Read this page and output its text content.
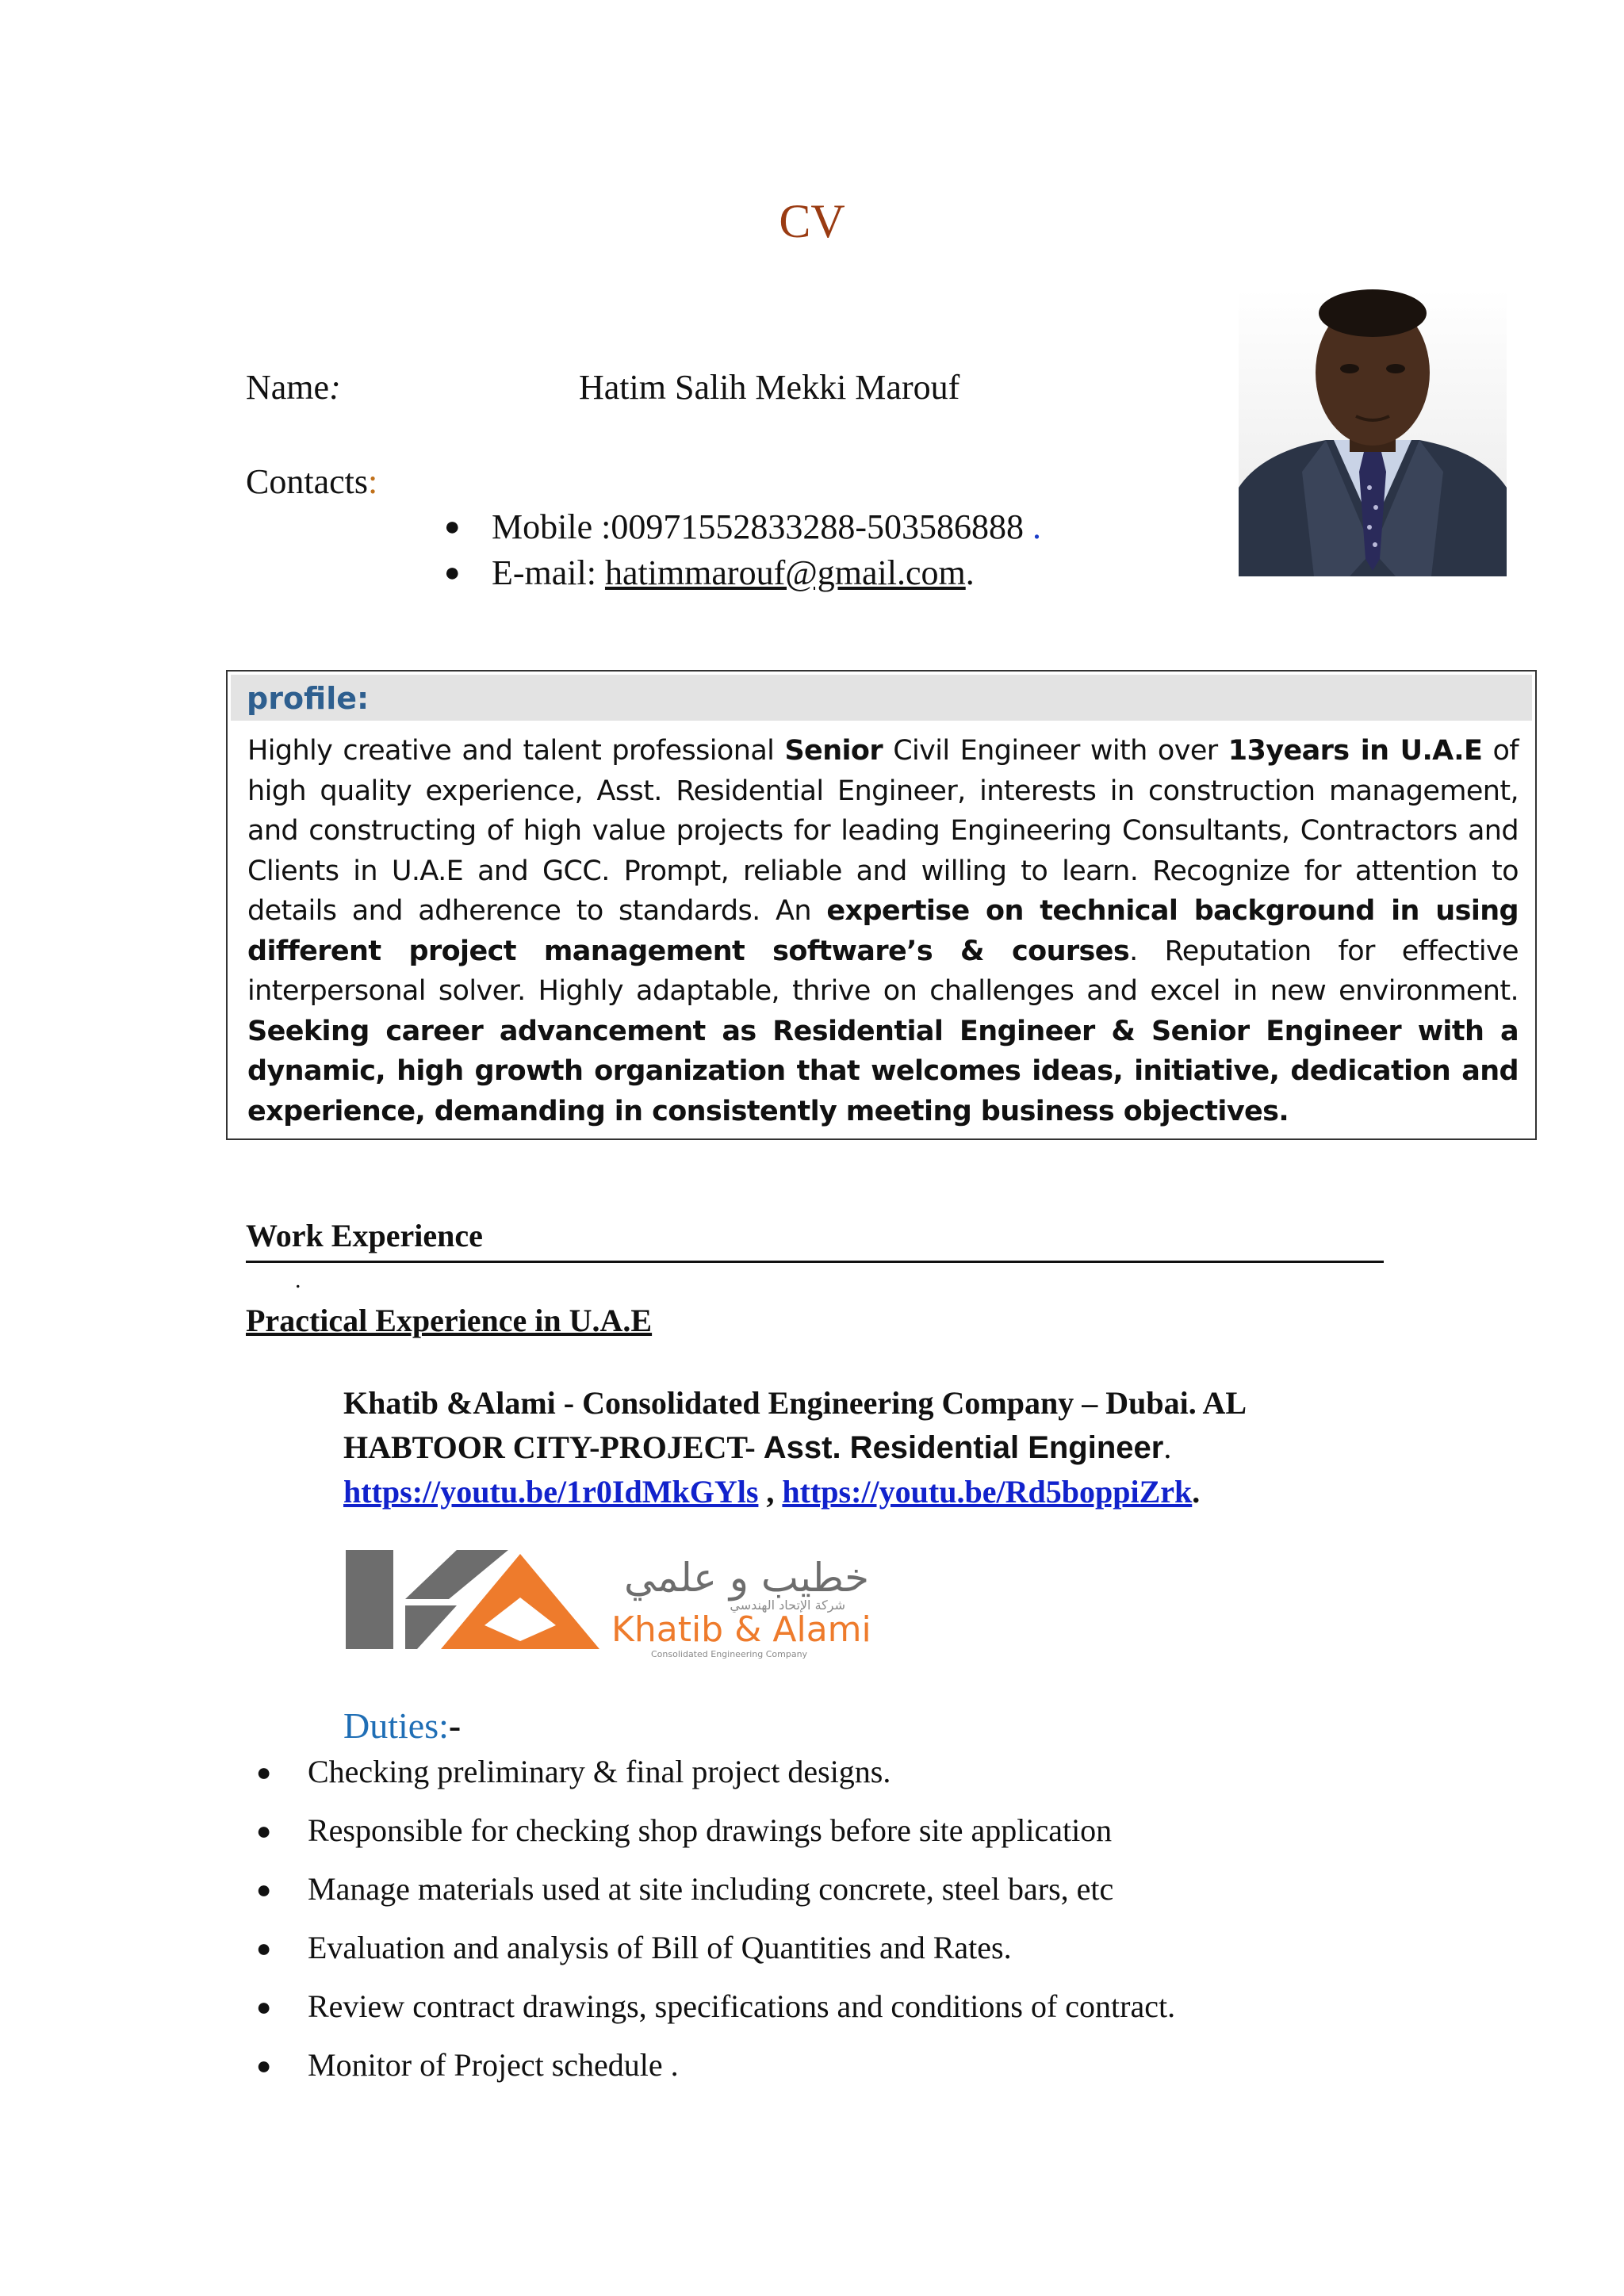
CV
Name:	Hatim Salih Mekki Marouf
Contacts:
● Mobile :00971552833288-503586888 .
● E-mail: hatimmarouf@gmail.com.
profile:
Highly creative and talent professional Senior Civil Engineer with over 13years in U.A.E of high quality experience, Asst. Residential Engineer, interests in construction management, and constructing of high value projects for leading Engineering Consultants, Contractors and Clients in U.A.E and GCC. Prompt, reliable and willing to learn. Recognize for attention to details and adherence to standards. An expertise on technical background in using different project management software’s & courses. Reputation for effective interpersonal solver. Highly adaptable, thrive on challenges and excel in new environment. Seeking career advancement as Residential Engineer & Senior Engineer with a dynamic, high growth organization that welcomes ideas, initiative, dedication and experience, demanding in consistently meeting business objectives.
Work Experience
.
Practical Experience in U.A.E
Khatib &Alami - Consolidated Engineering Company – Dubai. AL
HABTOOR CITY-PROJECT- Asst. Residential Engineer.
https://youtu.be/1r0IdMkGYls , https://youtu.be/Rd5boppiZrk.
خطيب و علمي
شركة الإتحاد الهندسي
Khatib & Alami
Consolidated Engineering Company
Duties:-
● Checking preliminary & final project designs.
● Responsible for checking shop drawings before site application
● Manage materials used at site including concrete, steel bars, etc
● Evaluation and analysis of Bill of Quantities and Rates.
● Review contract drawings, specifications and conditions of contract.
● Monitor of Project schedule .
